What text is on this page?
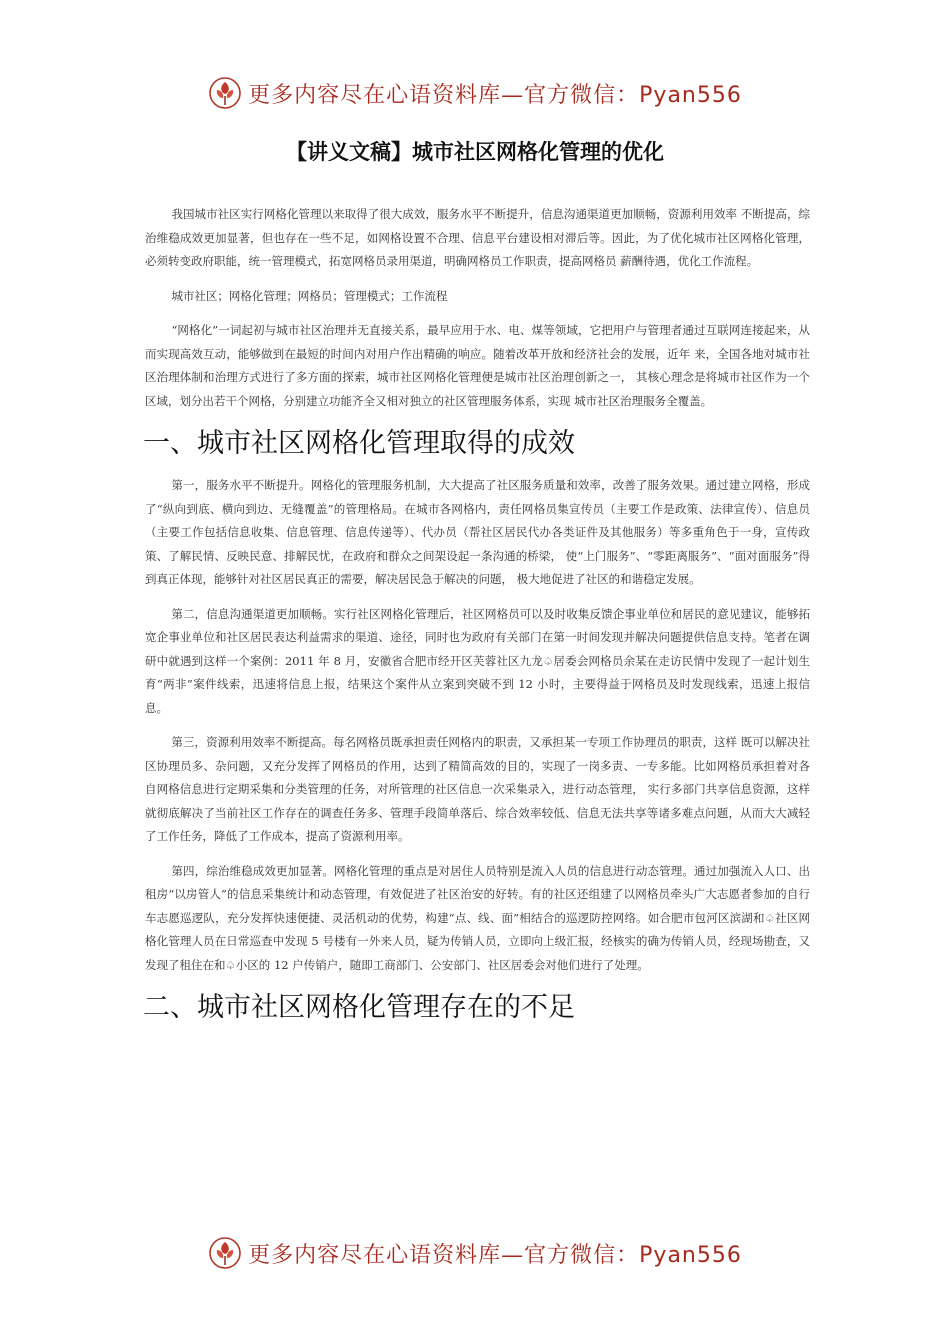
更多内容尽在心语资料库—官方微信：Pyan556
【讲义文稿】城市社区网格化管理的优化

我国城市社区实行网格化管理以来取得了很大成效，服务水平不断提升，信息沟通渠道更加顺畅，资源利用效率 不断提高，综治维稳成效更加显著，但也存在一些不足，如网格设置不合理、信息平台建设相对滞后等。因此，为了优化城市社区网格化管理，必须转变政府职能，统一管理模式，拓宽网格员录用渠道，明确网格员工作职责，提高网格员 薪酬待遇，优化工作流程。

城市社区；网格化管理；网格员；管理模式；工作流程

“网格化”一词起初与城市社区治理并无直接关系，最早应用于水、电、煤等领域，它把用户与管理者通过互联网连接起来，从而实现高效互动，能够做到在最短的时间内对用户作出精确的响应。随着改革开放和经济社会的发展，近年 来，全国各地对城市社区治理体制和治理方式进行了多方面的探索，城市社区网格化管理便是城市社区治理创新之一， 其核心理念是将城市社区作为一个区域，划分出若干个网格，分别建立功能齐全又相对独立的社区管理服务体系，实现 城市社区治理服务全覆盖。

一、城市社区网格化管理取得的成效

第一，服务水平不断提升。网格化的管理服务机制，大大提高了社区服务质量和效率，改善了服务效果。通过建立网格，形成了“纵向到底、横向到边、无缝覆盖”的管理格局。在城市各网格内，责任网格员集宣传员（主要工作是政策、法律宣传）、信息员（主要工作包括信息收集、信息管理、信息传递等）、代办员（帮社区居民代办各类证件及其他服务）等多重角色于一身，宣传政策、了解民情、反映民意、排解民忧，在政府和群众之间架设起一条沟通的桥梁， 使“上门服务”、“零距离服务”、“面对面服务”得到真正体现，能够针对社区居民真正的需要，解决居民急于解决的问题， 极大地促进了社区的和谐稳定发展。

第二，信息沟通渠道更加顺畅。实行社区网格化管理后，社区网格员可以及时收集反馈企事业单位和居民的意见建议，能够拓宽企事业单位和社区居民表达利益需求的渠道、途径，同时也为政府有关部门在第一时间发现并解决问题提供信息支持。笔者在调研中就遇到这样一个案例：2011 年 8 月，安徽省合肥市经开区芙蓉社区九龙♤居委会网格员余某在走访民情中发现了一起计划生育“两非”案件线索，迅速将信息上报，结果这个案件从立案到突破不到 12 小时，主要得益于网格员及时发现线索，迅速上报信息。

第三，资源利用效率不断提高。每名网格员既承担责任网格内的职责，又承担某一专项工作协理员的职责，这样 既可以解决社区协理员多、杂问题，又充分发挥了网格员的作用，达到了精简高效的目的，实现了一岗多责、一专多能。比如网格员承担着对各自网格信息进行定期采集和分类管理的任务，对所管理的社区信息一次采集录入，进行动态管理， 实行多部门共享信息资源，这样就彻底解决了当前社区工作存在的调查任务多、管理手段简单落后、综合效率较低、信息无法共享等诸多难点问题，从而大大减轻了工作任务，降低了工作成本，提高了资源利用率。

第四，综治维稳成效更加显著。网格化管理的重点是对居住人员特别是流入人员的信息进行动态管理。通过加强流入人口、出租房“以房管人”的信息采集统计和动态管理，有效促进了社区治安的好转。有的社区还组建了以网格员牵头广大志愿者参加的自行车志愿巡逻队，充分发挥快速便捷、灵活机动的优势，构建“点、线、面”相结合的巡逻防控网络。如合肥市包河区滨湖和♤社区网格化管理人员在日常巡查中发现 5 号楼有一外来人员，疑为传销人员，立即向上级汇报，经核实的确为传销人员，经现场勘查，又发现了租住在和♤小区的 12 户传销户，随即工商部门、公安部门、社区居委会对他们进行了处理。

二、城市社区网格化管理存在的不足
更多内容尽在心语资料库—官方微信：Pyan556
